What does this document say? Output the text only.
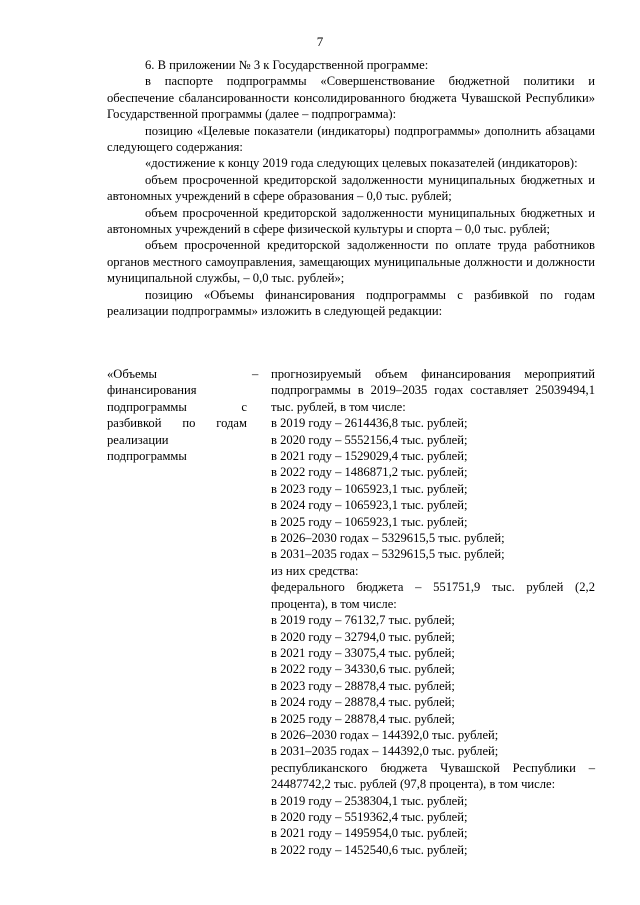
7

6. В приложении № 3 к Государственной программе:

в паспорте подпрограммы «Совершенствование бюджетной политики и обеспечение сбалансированности консолидированного бюджета Чувашской Республики» Государственной программы (далее – подпрограмма):

позицию «Целевые показатели (индикаторы) подпрограммы» дополнить абзацами следующего содержания:

«достижение к концу 2019 года следующих целевых показателей (индикаторов):

объем просроченной кредиторской задолженности муниципальных бюджетных и автономных учреждений в сфере образования – 0,0 тыс. рублей;

объем просроченной кредиторской задолженности муниципальных бюджетных и автономных учреждений в сфере физической культуры и спорта – 0,0 тыс. рублей;

объем просроченной кредиторской задолженности по оплате труда работников органов местного самоуправления, замещающих муниципальные должности и должности муниципальной службы, – 0,0 тыс. рублей»;

позицию «Объемы финансирования подпрограммы с разбивкой по годам реализации подпрограммы» изложить в следующей редакции:

«Объемы финансирования подпрограммы с разбивкой по годам реализации подпрограммы
– прогнозируемый объем финансирования мероприятий подпрограммы в 2019–2035 годах составляет 25039494,1 тыс. рублей, в том числе:
в 2019 году – 2614436,8 тыс. рублей;
в 2020 году – 5552156,4 тыс. рублей;
в 2021 году – 1529029,4 тыс. рублей;
в 2022 году – 1486871,2 тыс. рублей;
в 2023 году – 1065923,1 тыс. рублей;
в 2024 году – 1065923,1 тыс. рублей;
в 2025 году – 1065923,1 тыс. рублей;
в 2026–2030 годах – 5329615,5 тыс. рублей;
в 2031–2035 годах – 5329615,5 тыс. рублей;
из них средства:
федерального бюджета – 551751,9 тыс. рублей (2,2 процента), в том числе:
в 2019 году – 76132,7 тыс. рублей;
в 2020 году – 32794,0 тыс. рублей;
в 2021 году – 33075,4 тыс. рублей;
в 2022 году – 34330,6 тыс. рублей;
в 2023 году – 28878,4 тыс. рублей;
в 2024 году – 28878,4 тыс. рублей;
в 2025 году – 28878,4 тыс. рублей;
в 2026–2030 годах – 144392,0 тыс. рублей;
в 2031–2035 годах – 144392,0 тыс. рублей;
республиканского бюджета Чувашской Республики – 24487742,2 тыс. рублей (97,8 процента), в том числе:
в 2019 году – 2538304,1 тыс. рублей;
в 2020 году – 5519362,4 тыс. рублей;
в 2021 году – 1495954,0 тыс. рублей;
в 2022 году – 1452540,6 тыс. рублей;
